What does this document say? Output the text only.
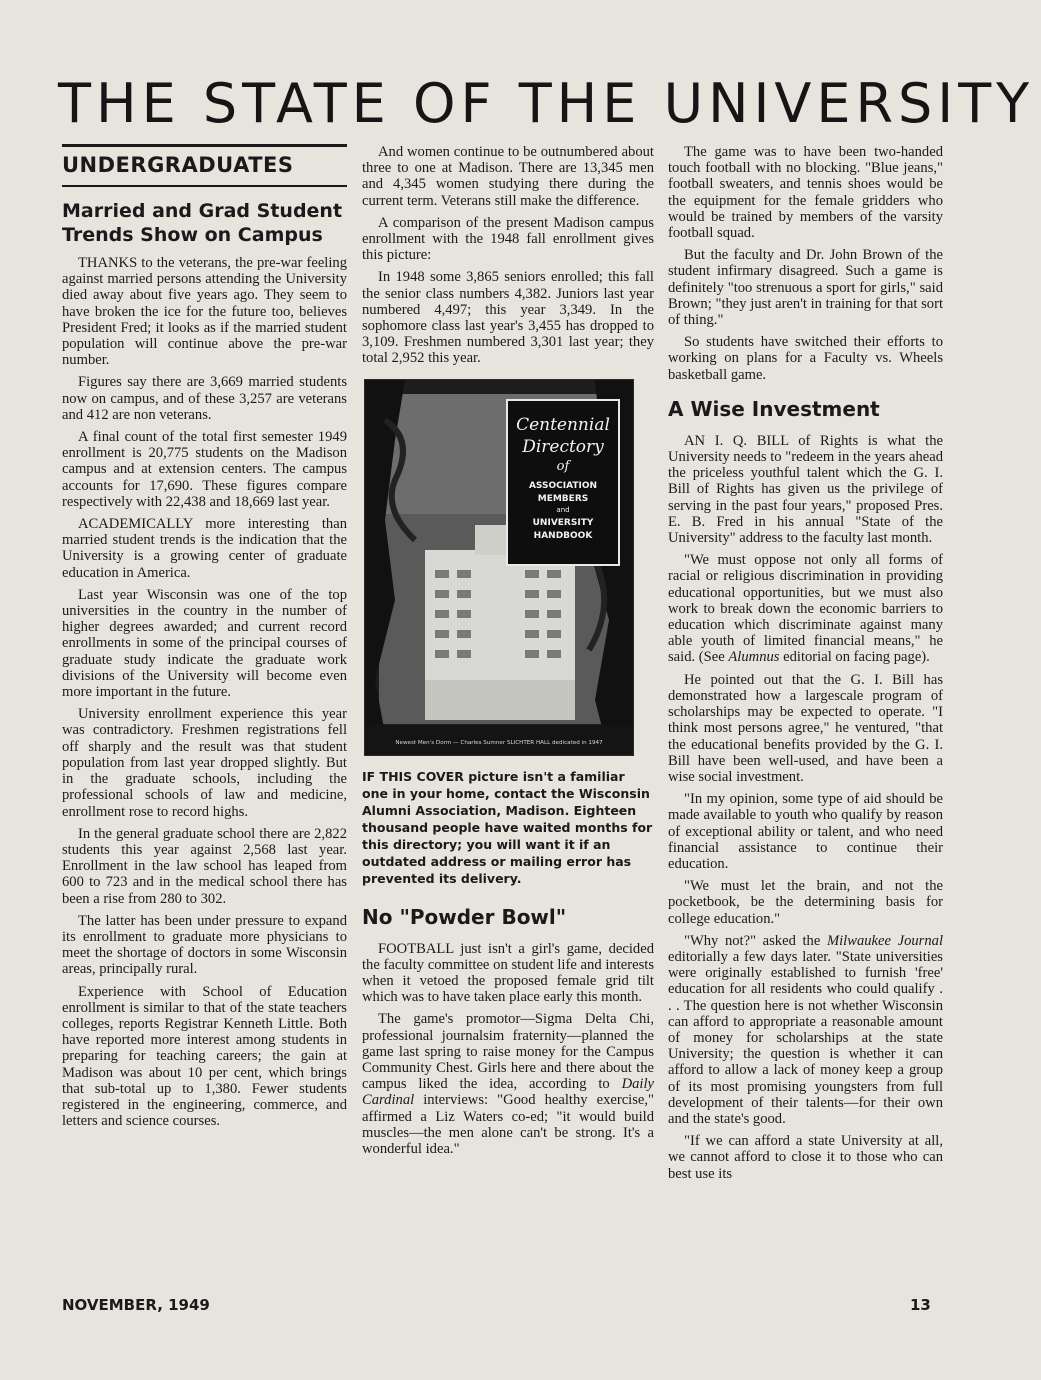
THE STATE OF THE UNIVERSITY
UNDERGRADUATES
Married and Grad Student Trends Show on Campus

THANKS to the veterans, the pre-war feeling against married persons attending the University died away about five years ago. They seem to have broken the ice for the future too, believes President Fred; it looks as if the married student population will continue above the pre-war number.

Figures say there are 3,669 married students now on campus, and of these 3,257 are veterans and 412 are non veterans.

A final count of the total first semester 1949 enrollment is 20,775 students on the Madison campus and at extension centers. The campus accounts for 17,690. These figures compare respectively with 22,438 and 18,669 last year.

ACADEMICALLY more interesting than married student trends is the indication that the University is a growing center of graduate education in America.

Last year Wisconsin was one of the top universities in the country in the number of higher degrees awarded; and current record enrollments in some of the principal courses of graduate study indicate the graduate work divisions of the University will become even more important in the future.

University enrollment experience this year was contradictory. Freshmen registrations fell off sharply and the result was that student population from last year dropped slightly. But in the graduate schools, including the professional schools of law and medicine, enrollment rose to record highs.

In the general graduate school there are 2,822 students this year against 2,568 last year. Enrollment in the law school has leaped from 600 to 723 and in the medical school there has been a rise from 280 to 302.

The latter has been under pressure to expand its enrollment to graduate more physicians to meet the shortage of doctors in some Wisconsin areas, principally rural.

Experience with School of Education enrollment is similar to that of the state teachers colleges, reports Registrar Kenneth Little. Both have reported more interest among students in preparing for teaching careers; the gain at Madison was about 10 per cent, which brings that sub-total up to 1,380. Fewer students registered in the engineering, commerce, and letters and science courses.

And women continue to be outnumbered about three to one at Madison. There are 13,345 men and 4,345 women studying there during the current term. Veterans still make the difference.

A comparison of the present Madison campus enrollment with the 1948 fall enrollment gives this picture:

In 1948 some 3,865 seniors enrolled; this fall the senior class numbers 4,382. Juniors last year numbered 4,497; this year 3,349. In the sophomore class last year's 3,455 has dropped to 3,109. Freshmen numbered 3,301 last year; they total 2,952 this year.

Centennial
Directory
of
ASSOCIATION
MEMBERS
and
UNIVERSITY
HANDBOOK
Newest Men's Dorm — Charles Sumner SLICHTER HALL dedicated in 1947
IF THIS COVER picture isn't a familiar one in your home, contact the Wisconsin Alumni Association, Madison. Eighteen thousand people have waited months for this directory; you will want it if an outdated address or mailing error has prevented its delivery.
No "Powder Bowl"

FOOTBALL just isn't a girl's game, decided the faculty committee on student life and interests when it vetoed the proposed female grid tilt which was to have taken place early this month.

The game's promotor—Sigma Delta Chi, professional journalsim fraternity—planned the game last spring to raise money for the Campus Community Chest. Girls here and there about the campus liked the idea, according to Daily Cardinal interviews: "Good healthy exercise," affirmed a Liz Waters co-ed; "it would build muscles—the men alone can't be strong. It's a wonderful idea."

The game was to have been two-handed touch football with no blocking. "Blue jeans," football sweaters, and tennis shoes would be the equipment for the female gridders who would be trained by members of the varsity football squad.

But the faculty and Dr. John Brown of the student infirmary disagreed. Such a game is definitely "too strenuous a sport for girls," said Brown; "they just aren't in training for that sort of thing."

So students have switched their efforts to working on plans for a Faculty vs. Wheels basketball game.

A Wise Investment

AN I. Q. BILL of Rights is what the University needs to "redeem in the years ahead the priceless youthful talent which the G. I. Bill of Rights has given us the privilege of serving in the past four years," proposed Pres. E. B. Fred in his annual "State of the University" address to the faculty last month.

"We must oppose not only all forms of racial or religious discrimination in providing educational opportunities, but we must also work to break down the economic barriers to education which discriminate against many able youth of limited financial means," he said. (See Alumnus editorial on facing page).

He pointed out that the G. I. Bill has demonstrated how a largescale program of scholarships may be expected to operate. "I think most persons agree," he ventured, "that the educational benefits provided by the G. I. Bill have been well-used, and have been a wise social investment.

"In my opinion, some type of aid should be made available to youth who qualify by reason of exceptional ability or talent, and who need financial assistance to continue their education.

"We must let the brain, and not the pocketbook, be the determining basis for college education."

"Why not?" asked the Milwaukee Journal editorially a few days later. "State universities were originally established to furnish 'free' education for all residents who could qualify . . . The question here is not whether Wisconsin can afford to appropriate a reasonable amount of money for scholarships at the state University; the question is whether it can afford to allow a lack of money keep a group of its most promising youngsters from full development of their talents—for their own and the state's good.

"If we can afford a state University at all, we cannot afford to close it to those who can best use its

NOVEMBER, 1949	13
